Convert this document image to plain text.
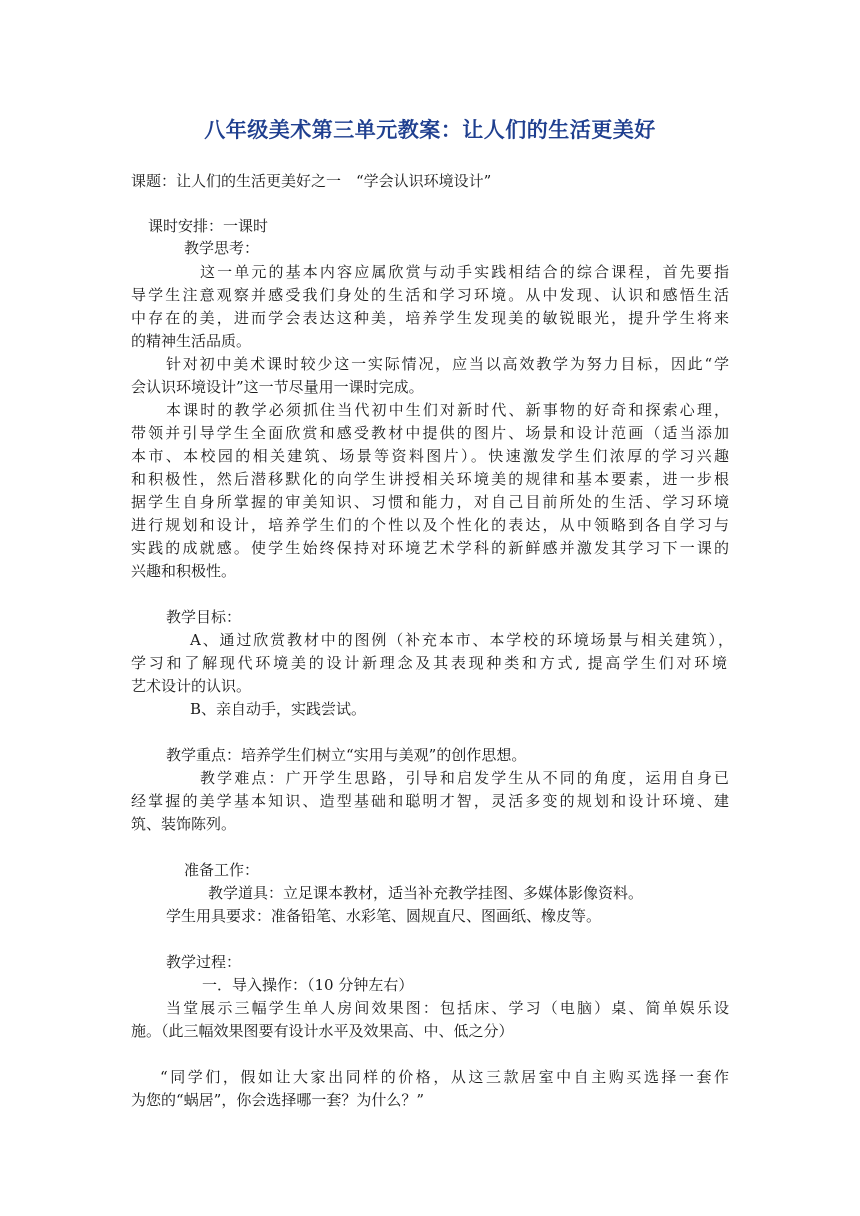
八年级美术第三单元教案：让人们的生活更美好
课题：让人们的生活更美好之一　“学会认识环境设计”
课时安排：一课时
教学思考：
这一单元的基本内容应属欣赏与动手实践相结合的综合课程，首先要指
导学生注意观察并感受我们身处的生活和学习环境。从中发现、认识和感悟生活
中存在的美，进而学会表达这种美，培养学生发现美的敏锐眼光，提升学生将来
的精神生活品质。
针对初中美术课时较少这一实际情况，应当以高效教学为努力目标，因此“学
会认识环境设计”这一节尽量用一课时完成。
本课时的教学必须抓住当代初中生们对新时代、新事物的好奇和探索心理，
带领并引导学生全面欣赏和感受教材中提供的图片、场景和设计范画（适当添加
本市、本校园的相关建筑、场景等资料图片）。快速激发学生们浓厚的学习兴趣
和积极性，然后潜移默化的向学生讲授相关环境美的规律和基本要素，进一步根
据学生自身所掌握的审美知识、习惯和能力，对自己目前所处的生活、学习环境
进行规划和设计，培养学生们的个性以及个性化的表达，从中领略到各自学习与
实践的成就感。使学生始终保持对环境艺术学科的新鲜感并激发其学习下一课的
兴趣和积极性。
教学目标：
A、通过欣赏教材中的图例（补充本市、本学校的环境场景与相关建筑），
学习和了解现代环境美的设计新理念及其表现种类和方式, 提高学生们对环境
艺术设计的认识。
B、亲自动手，实践尝试。
教学重点：培养学生们树立“实用与美观”的创作思想。
教学难点：广开学生思路，引导和启发学生从不同的角度，运用自身已
经掌握的美学基本知识、造型基础和聪明才智，灵活多变的规划和设计环境、建
筑、装饰陈列。
准备工作：
教学道具：立足课本教材，适当补充教学挂图、多媒体影像资料。
学生用具要求：准备铅笔、水彩笔、圆规直尺、图画纸、橡皮等。
教学过程：
一．导入操作：（10 分钟左右）
当堂展示三幅学生单人房间效果图：包括床、学习（电脑）桌、简单娱乐设
施。（此三幅效果图要有设计水平及效果高、中、低之分）
“同学们，假如让大家出同样的价格，从这三款居室中自主购买选择一套作
为您的“蜗居”，你会选择哪一套？为什么？”
